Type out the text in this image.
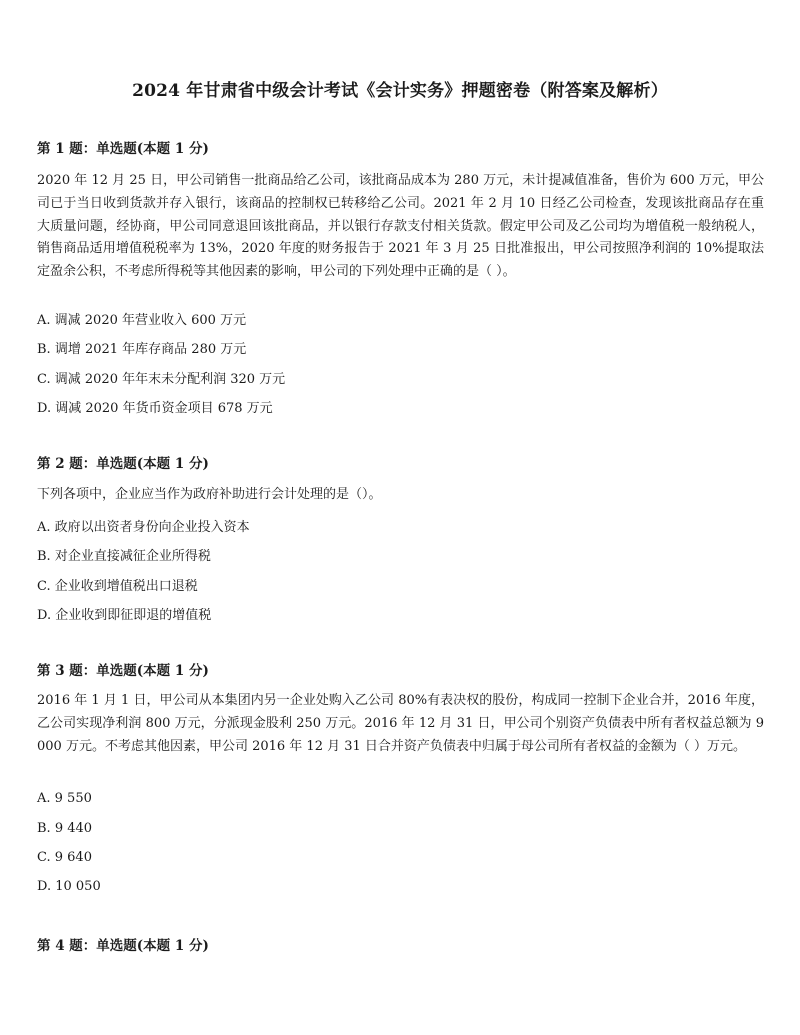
2024 年甘肃省中级会计考试《会计实务》押题密卷（附答案及解析）
第 1 题：单选题(本题 1 分)
2020 年 12 月 25 日，甲公司销售一批商品给乙公司，该批商品成本为 280 万元，未计提减值准备，售价为 600 万元，甲公司已于当日收到货款并存入银行，该商品的控制权已转移给乙公司。2021 年 2 月 10 日经乙公司检查，发现该批商品存在重大质量问题，经协商，甲公司同意退回该批商品，并以银行存款支付相关货款。假定甲公司及乙公司均为增值税一般纳税人，销售商品适用增值税税率为 13%，2020 年度的财务报告于 2021 年 3 月 25 日批准报出，甲公司按照净利润的 10%提取法定盈余公积，不考虑所得税等其他因素的影响，甲公司的下列处理中正确的是（ ）。
A. 调减 2020 年营业收入 600 万元
B. 调增 2021 年库存商品 280 万元
C. 调减 2020 年年末未分配利润 320 万元
D. 调减 2020 年货币资金项目 678 万元
第 2 题：单选题(本题 1 分)
下列各项中，企业应当作为政府补助进行会计处理的是（）。
A. 政府以出资者身份向企业投入资本
B. 对企业直接减征企业所得税
C. 企业收到增值税出口退税
D. 企业收到即征即退的增值税
第 3 题：单选题(本题 1 分)
2016 年 1 月 1 日，甲公司从本集团内另一企业处购入乙公司 80%有表决权的股份，构成同一控制下企业合并，2016 年度，乙公司实现净利润 800 万元，分派现金股利 250 万元。2016 年 12 月 31 日，甲公司个别资产负债表中所有者权益总额为 9 000 万元。不考虑其他因素，甲公司 2016 年 12 月 31 日合并资产负债表中归属于母公司所有者权益的金额为（ ）万元。
A. 9 550
B. 9 440
C. 9 640
D. 10 050
第 4 题：单选题(本题 1 分)
